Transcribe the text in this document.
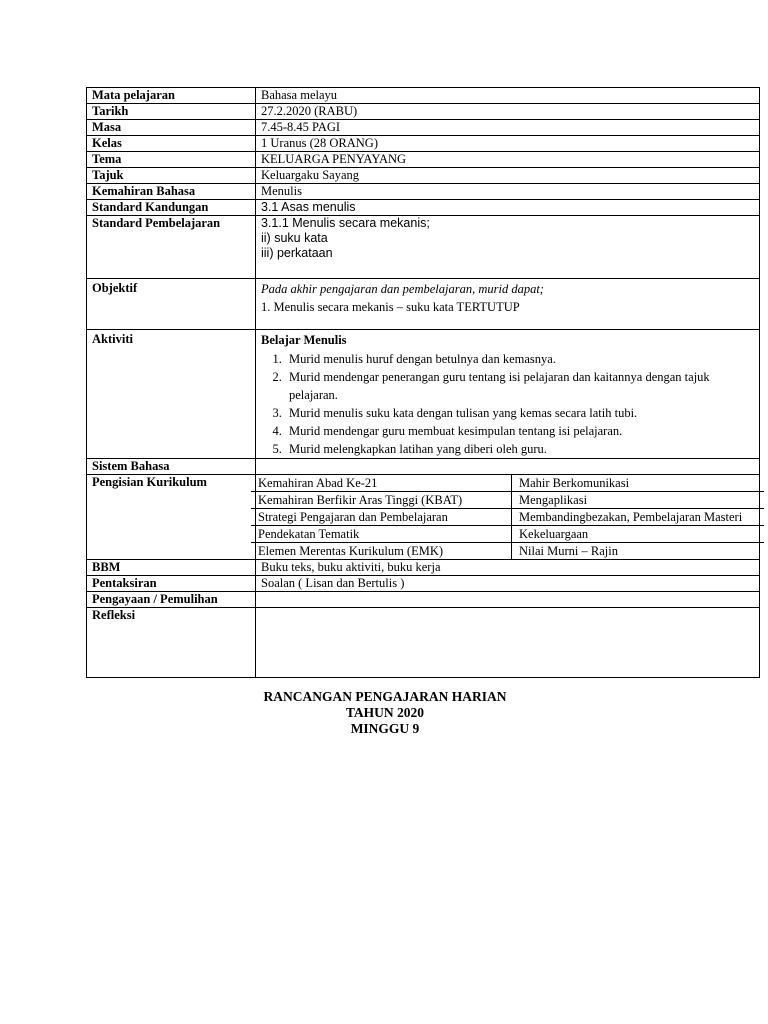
Mata pelajaran	Bahasa melayu
Tarikh	27.2.2020 (RABU)
Masa	7.45-8.45 PAGI
Kelas	1 Uranus (28 ORANG)
Tema	KELUARGA PENYAYANG
Tajuk	Keluargaku Sayang
Kemahiran Bahasa	Menulis
Standard Kandungan	3.1 Asas menulis
Standard Pembelajaran	3.1.1 Menulis secara mekanis;
ii) suku kata
iii) perkataan

Objektif	Pada akhir pengajaran dan pembelajaran, murid dapat;
1. Menulis secara mekanis – suku kata TERTUTUP

Aktiviti	Belajar Menulis
1. Murid menulis huruf dengan betulnya dan kemasnya.
2. Murid mendengar penerangan guru tentang isi pelajaran dan kaitannya dengan tajuk pelajaran.
3. Murid menulis suku kata dengan tulisan yang kemas secara latih tubi.
4. Murid mendengar guru membuat kesimpulan tentang isi pelajaran.
5. Murid melengkapkan latihan yang diberi oleh guru.

Sistem Bahasa	
Pengisian Kurikulum		Kemahiran Abad Ke-21	Mahir Berkomunikasi
Kemahiran Berfikir Aras Tinggi (KBAT)	Mengaplikasi
Strategi Pengajaran dan Pembelajaran	Membandingbezakan, Pembelajaran Masteri
Pendekatan Tematik	Kekeluargaan
Elemen Merentas Kurikulum (EMK)	Nilai Murni – Rajin

BBM	Buku teks, buku aktiviti, buku kerja
Pentaksiran	Soalan ( Lisan dan Bertulis )
Pengayaan / Pemulihan	
Refleksi	
RANCANGAN PENGAJARAN HARIAN
TAHUN 2020
MINGGU 9
